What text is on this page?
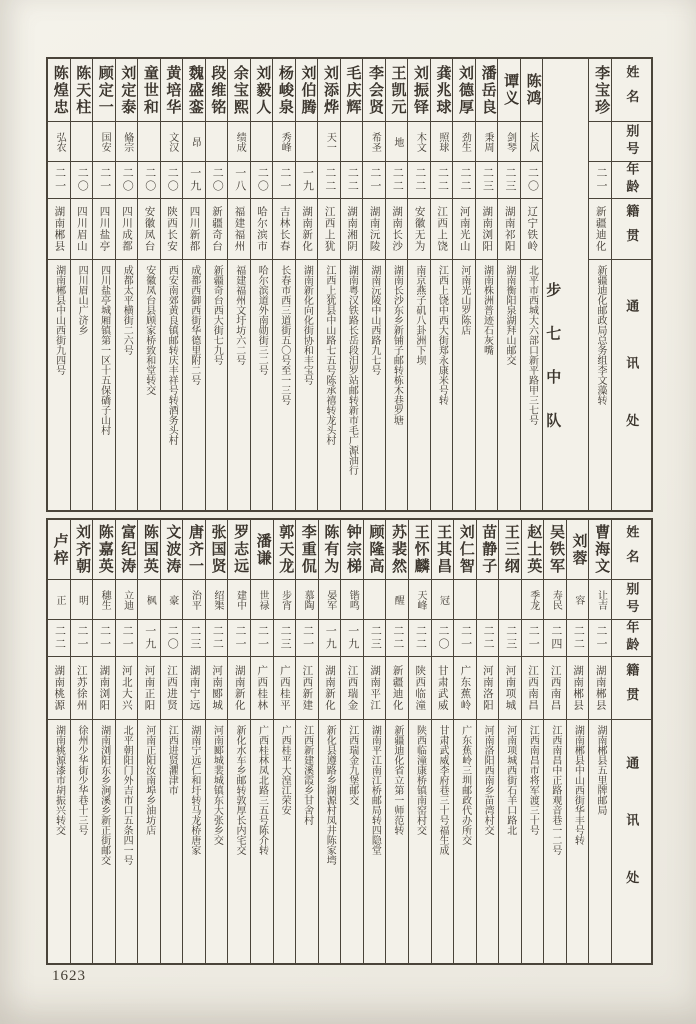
姓名
别号
年龄
籍贯
通讯处
李宝珍
二一
新疆迪化
新疆迪化邮政局总务组李文藻转
步七中队
陈鸿
长风
二〇
辽宁铁岭
北平市西城大六部口新平路甲三七号
谭义
剑琴
二三
湖南祁阳
湖南衡阳泉湖拜山邮交
潘岳良
秉周
二三
湖南浏阳
湖南株洲普迹石灰嘴
刘德厚
劲生
二二
河南光山
河南光山罗陈店
龚兆球
照球
二二
江西上饶
江西上饶中西大街郑永康米号转
刘振铎
木文
二二
安徽无为
南京燕子矶八卦洲下坝
王凯元
地
二二
湖南长沙
湖南长沙东乡新铺子邮转栋木巷罗塘
李会贤
希圣
二一
湖南沅陵
湖南沅陵中山西路九七号
毛庆辉
二二
湖南湘阴
湖南粤汉铁路长岳段汨罗站邮转新市毛广源油行
刘添烨
天一
二二
江西上犹
江西上犹县中山路七五号陈承禧转龙头村
刘伯腾
一九
湖南新化
湖南新化向化街协和丰宝号
杨峻泉
秀峰
二一
吉林长春
长春市西三道街五〇号至一三号
刘毅人
二〇
哈尔滨市
哈尔滨道外南勋街三二号
余宝熙
绩成
一八
福建福州
福建福州文圩坊六二号
段维铭
二〇
新疆奇台
新疆奇台西大街七九号
魏盛銮
昂
一九
四川新都
成都西御西街华德里附二号
黄培华
文汉
二〇
陕西长安
西安南郊黄良镇邮转庆丰祥号转酒务头村
童世和
二〇
安徽凤台
安徽凤台县顾家桥致和堂转交
刘定泰
偹宗
二〇
四川成都
成都太平横街二六号
顾定一
国安
二一
四川盐亭
四川盐亭城厢镇第一区十五保礄子山村
陈天柱
二〇
四川眉山
四川眉山广济乡
陈煌忠
弘农
二一
湖南郴县
湖南郴县中山西街九四号
姓名
别号
年龄
籍贯
通讯处
曹海文
让吉
二一
湖南郴县
湖南郴县五里牌邮局
刘蓉
容
二二
湖南郴县
湖南郴县中山西街华丰号转
吴铁军
寿民
二四
江西南昌
江西南昌中正路观音巷一二号
赵士英
季龙
二一
江西南昌
江西南昌市将军渡三十号
王三纲
二三
河南项城
河南项城西街石羊口路北
苗静子
二二
河南洛阳
河南洛阳西南乡苗湾村交
刘仁智
二一
广东蕉岭
广东蕉岭三圳邮政代办所交
王其昌
冠
二〇
甘肃武威
甘肃武威李府巷三十号福生成
王怀麟
天峰
二二
陕西临潼
陕西临潼康桥镇南窑村交
苏裴然
醒
二二
新疆迪化
新疆迪化省立第一师范转
顾隆高
二三
湖南平江
湖南平江南江桥邮局转四隐堂
钟宗梯
锴鸣
一九
江西瑞金
江西瑞金九堡邮交
陈有为
晏军
一九
湖南新化
新化县遵路乡湖源村凤井陈家塆
李重侃
慕陶
二一
江西新建
江西新建溪霞乡甘舍村
郭天龙
步宵
二三
广西桂平
广西桂平大湟江荣安
潘谦
世禄
二一
广西桂林
广西桂林凤北路三五号陈介转
罗志远
建中
二一
湖南新化
新化水车乡邮转敦厚长内宅交
张国贤
绍榘
二二
河南郾城
河南郾城裴城镇东大张乡交
唐齐一
治平
二三
湖南宁远
湖南宁远仁和圩转马龙桥唐家
文波涛
豪
二〇
江西进贤
江西进贤灈津市
陈国英
枫
一九
河南正阳
河南正阳汝南埠乡油坊店
富纪涛
立迪
二一
河北大兴
北平朝阳门外吉市口五条四一号
陈嘉英
穗生
二一
湖南浏阳
湖南浏阳东乡涧溪乡新正街邮交
刘齐朝
明
二一
江苏徐州
徐州少华街少华巷十三号
卢梓
正
二二
湖南桃源
湖南桃源漆市胡振兴转交
1623
